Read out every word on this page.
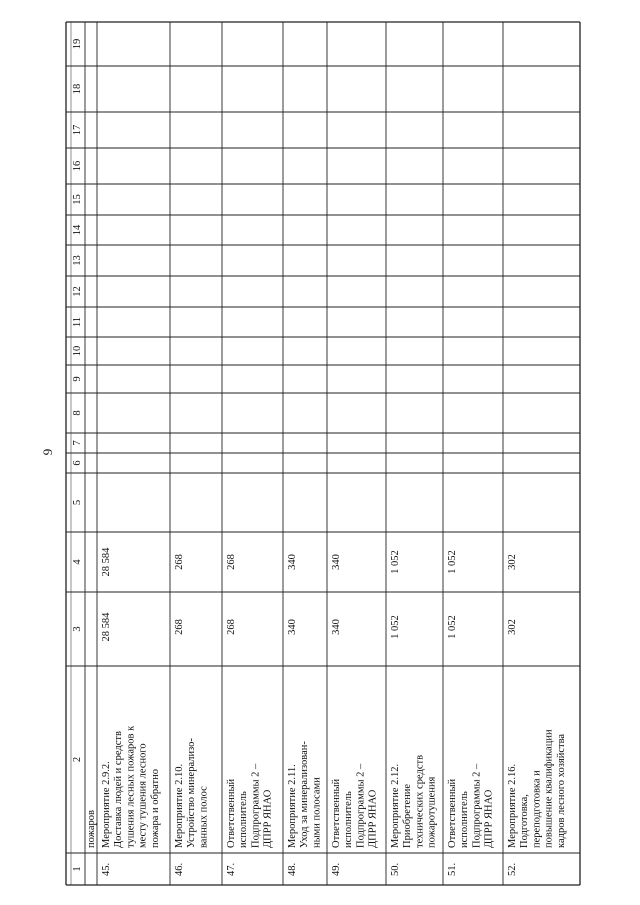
9
1
2
3
4
5
6
7
8
9
10
11
12
13
14
15
16
17
18
19
пожаров
45.
Мероприятие 2.9.2. Доставка людей и средств тушения лесных пожаров к месту тушения лесного пожара и обратно
28 584
28 584
46.
Мероприятие 2.10. Устройство минерализо- ванных полос
268
268
47.
Ответственный исполнитель Подпрограммы 2 – ДПРР ЯНАО
268
268
48.
Мероприятие 2.11. Уход за минерализован- ными полосами
340
340
49.
Ответственный исполнитель Подпрограммы 2 – ДПРР ЯНАО
340
340
50.
Мероприятие 2.12. Приобретение технических средств пожаротушения
1 052
1 052
51.
Ответственный исполнитель Подпрограммы 2 – ДПРР ЯНАО
1 052
1 052
52.
Мероприятие 2.16. Подготовка, переподготовка и повышение квалификации кадров лесного хозяйства
302
302
